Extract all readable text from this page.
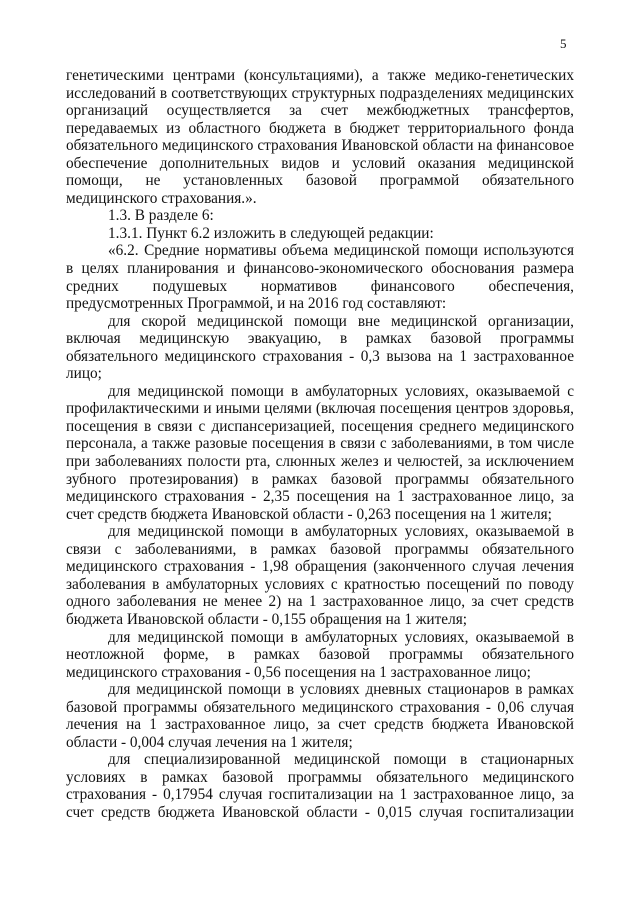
5

генетическими центрами (консультациями), а также медико-генетических исследований в соответствующих структурных подразделениях медицинских организаций осуществляется за счет межбюджетных трансфертов, передаваемых из областного бюджета в бюджет территориального фонда обязательного медицинского страхования Ивановской области на финансовое обеспечение дополнительных видов и условий оказания медицинской помощи, не установленных базовой программой обязательного медицинского страхования.».

1.3. В разделе 6:

1.3.1. Пункт 6.2 изложить в следующей редакции:

«6.2. Средние нормативы объема медицинской помощи используются в целях планирования и финансово-экономического обоснования размера средних подушевых нормативов финансового обеспечения, предусмотренных Программой, и на 2016 год составляют:

для скорой медицинской помощи вне медицинской организации, включая медицинскую эвакуацию, в рамках базовой программы обязательного медицинского страхования - 0,3 вызова на 1 застрахованное лицо;

для медицинской помощи в амбулаторных условиях, оказываемой с профилактическими и иными целями (включая посещения центров здоровья, посещения в связи с диспансеризацией, посещения среднего медицинского персонала, а также разовые посещения в связи с заболеваниями, в том числе при заболеваниях полости рта, слюнных желез и челюстей, за исключением зубного протезирования) в рамках базовой программы обязательного медицинского страхования - 2,35 посещения на 1 застрахованное лицо, за счет средств бюджета Ивановской области - 0,263 посещения на 1 жителя;

для медицинской помощи в амбулаторных условиях, оказываемой в связи с заболеваниями, в рамках базовой программы обязательного медицинского страхования - 1,98 обращения (законченного случая лечения заболевания в амбулаторных условиях с кратностью посещений по поводу одного заболевания не менее 2) на 1 застрахованное лицо, за счет средств бюджета Ивановской области - 0,155 обращения на 1 жителя;

для медицинской помощи в амбулаторных условиях, оказываемой в неотложной форме, в рамках базовой программы обязательного медицинского страхования - 0,56 посещения на 1 застрахованное лицо;

для медицинской помощи в условиях дневных стационаров в рамках базовой программы обязательного медицинского страхования - 0,06 случая лечения на 1 застрахованное лицо, за счет средств бюджета Ивановской области - 0,004 случая лечения на 1 жителя;

для специализированной медицинской помощи в стационарных условиях в рамках базовой программы обязательного медицинского страхования - 0,17954 случая госпитализации на 1 застрахованное лицо, за счет средств бюджета Ивановской области - 0,015 случая госпитализации
